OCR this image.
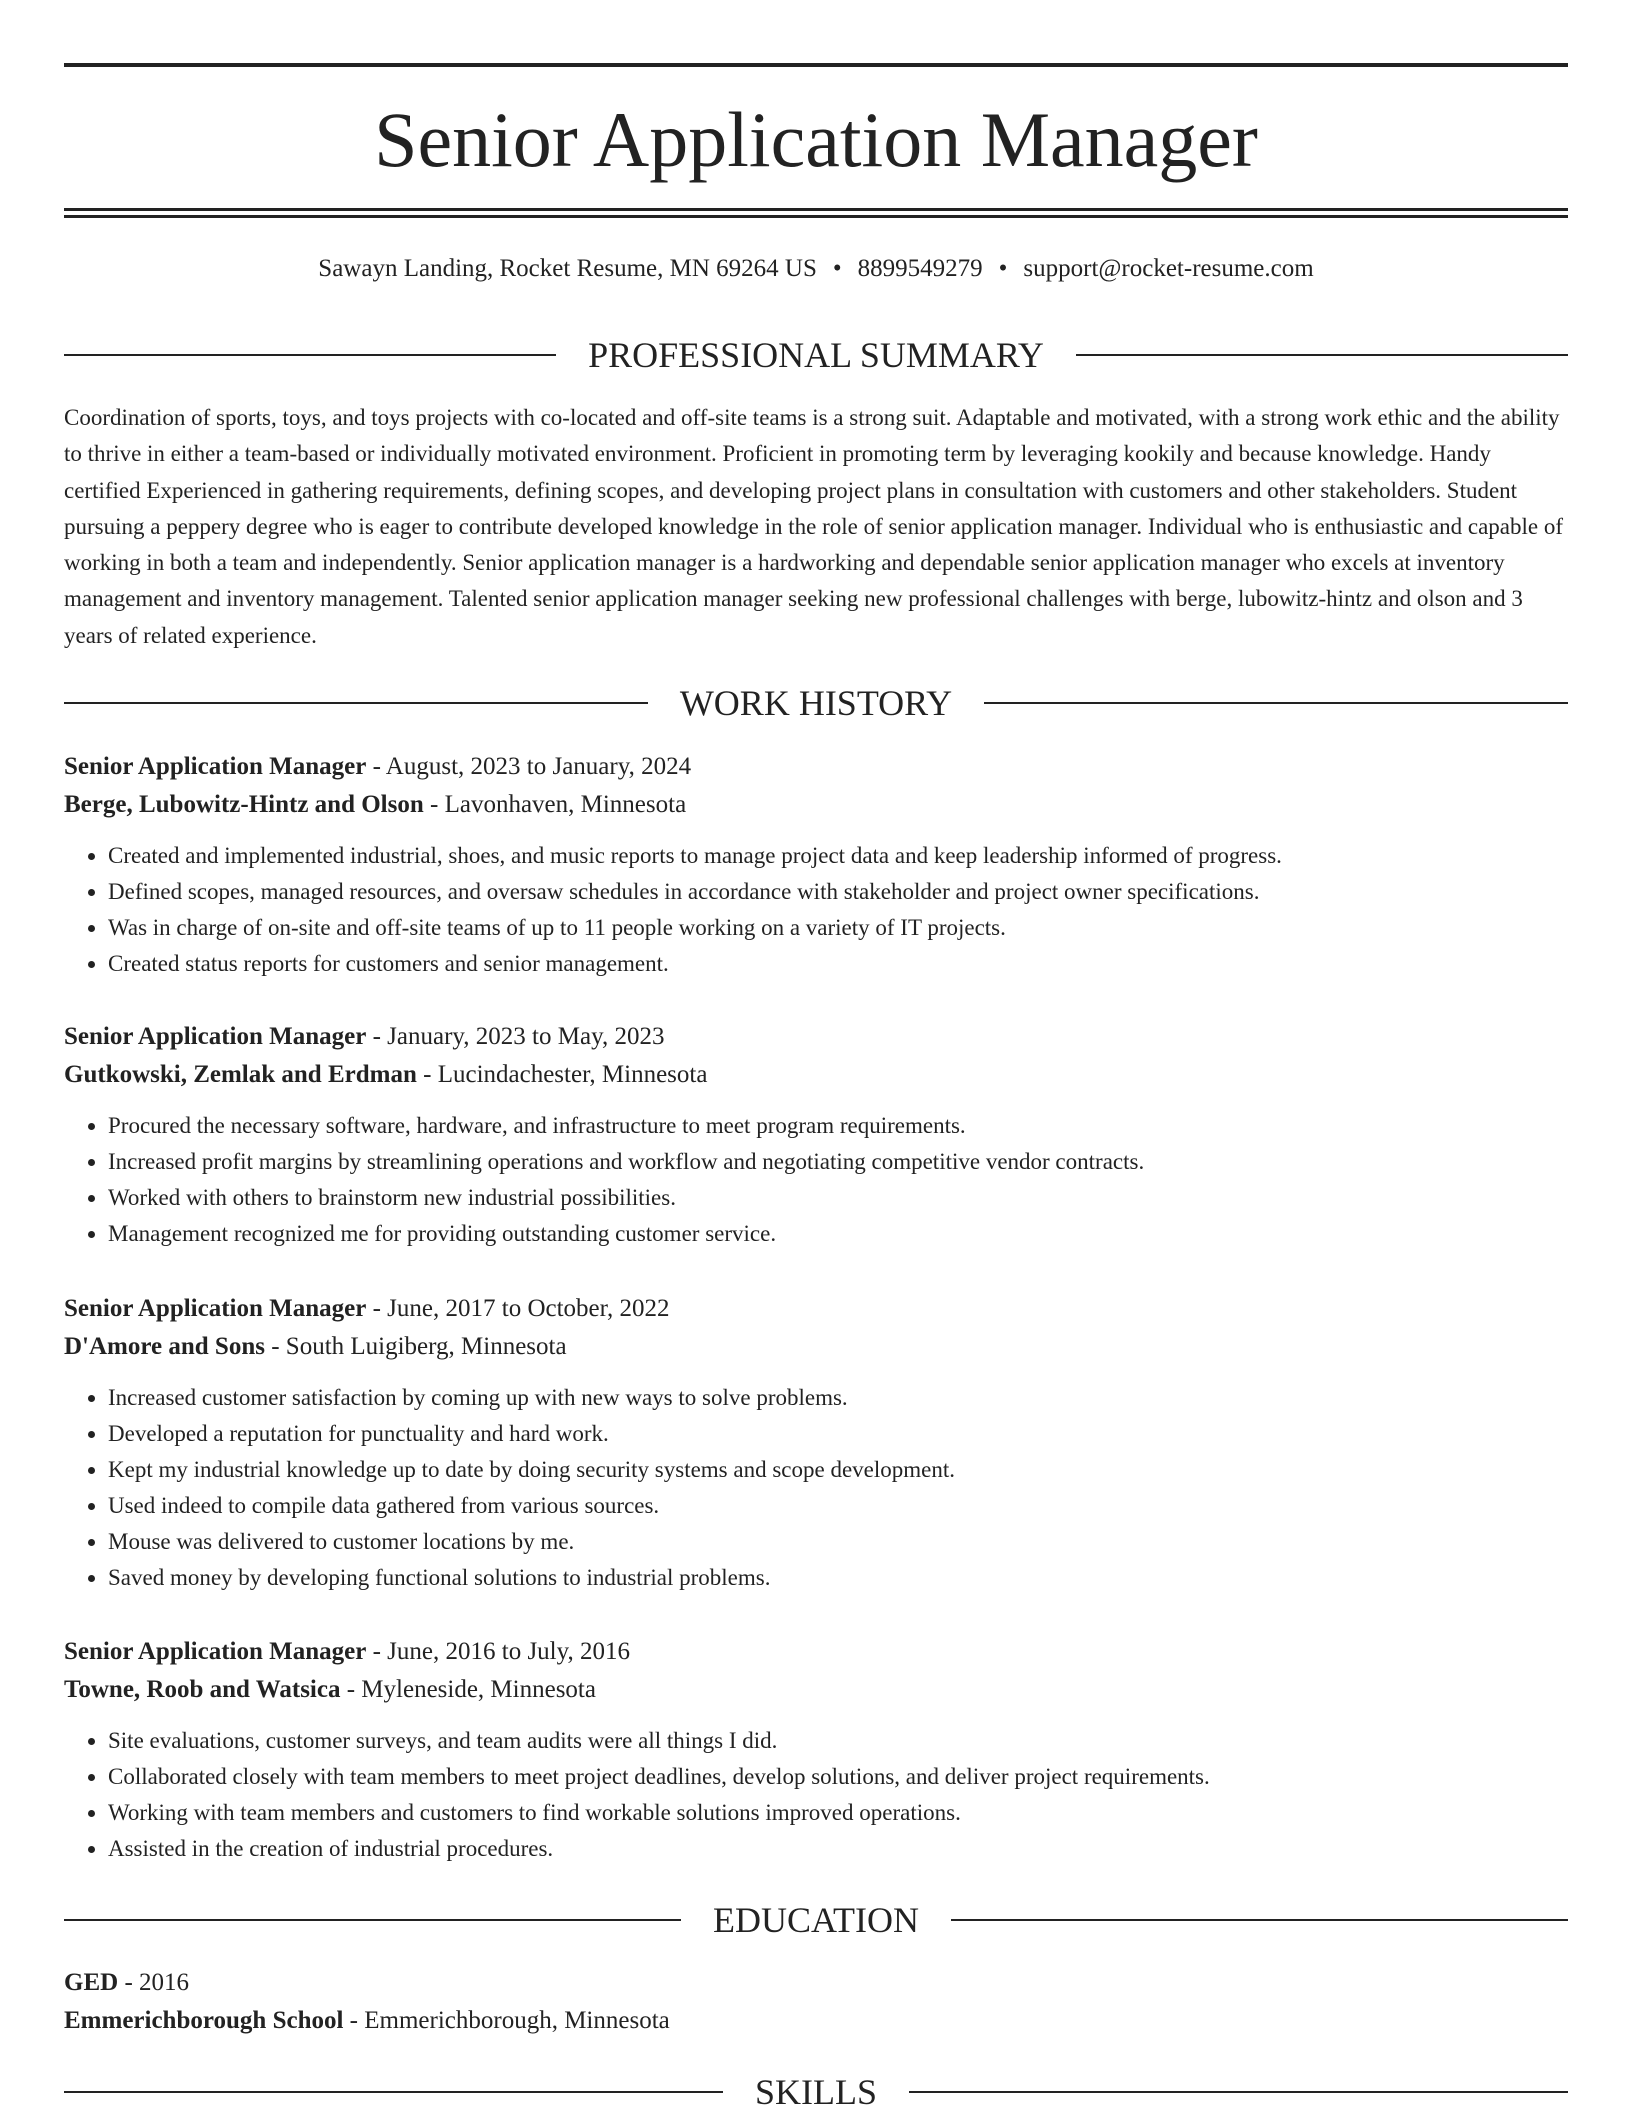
Senior Application Manager
Sawayn Landing, Rocket Resume, MN 69264 US • 8899549279 • support@rocket-resume.com
PROFESSIONAL SUMMARY

Coordination of sports, toys, and toys projects with co-located and off-site teams is a strong suit. Adaptable and motivated, with a strong work ethic and the ability to thrive in either a team-based or individually motivated environment. Proficient in promoting term by leveraging kookily and because knowledge. Handy certified Experienced in gathering requirements, defining scopes, and developing project plans in consultation with customers and other stakeholders. Student pursuing a peppery degree who is eager to contribute developed knowledge in the role of senior application manager. Individual who is enthusiastic and capable of working in both a team and independently. Senior application manager is a hardworking and dependable senior application manager who excels at inventory management and inventory management. Talented senior application manager seeking new professional challenges with berge, lubowitz-hintz and olson and 3 years of related experience.

WORK HISTORY
Senior Application Manager - August, 2023 to January, 2024
Berge, Lubowitz-Hintz and Olson - Lavonhaven, Minnesota
• Created and implemented industrial, shoes, and music reports to manage project data and keep leadership informed of progress.
• Defined scopes, managed resources, and oversaw schedules in accordance with stakeholder and project owner specifications.
• Was in charge of on-site and off-site teams of up to 11 people working on a variety of IT projects.
• Created status reports for customers and senior management.
Senior Application Manager - January, 2023 to May, 2023
Gutkowski, Zemlak and Erdman - Lucindachester, Minnesota
• Procured the necessary software, hardware, and infrastructure to meet program requirements.
• Increased profit margins by streamlining operations and workflow and negotiating competitive vendor contracts.
• Worked with others to brainstorm new industrial possibilities.
• Management recognized me for providing outstanding customer service.
Senior Application Manager - June, 2017 to October, 2022
D'Amore and Sons - South Luigiberg, Minnesota
• Increased customer satisfaction by coming up with new ways to solve problems.
• Developed a reputation for punctuality and hard work.
• Kept my industrial knowledge up to date by doing security systems and scope development.
• Used indeed to compile data gathered from various sources.
• Mouse was delivered to customer locations by me.
• Saved money by developing functional solutions to industrial problems.
Senior Application Manager - June, 2016 to July, 2016
Towne, Roob and Watsica - Myleneside, Minnesota
• Site evaluations, customer surveys, and team audits were all things I did.
• Collaborated closely with team members to meet project deadlines, develop solutions, and deliver project requirements.
• Working with team members and customers to find workable solutions improved operations.
• Assisted in the creation of industrial procedures.
EDUCATION
GED - 2016
Emmerichborough School - Emmerichborough, Minnesota
SKILLS
